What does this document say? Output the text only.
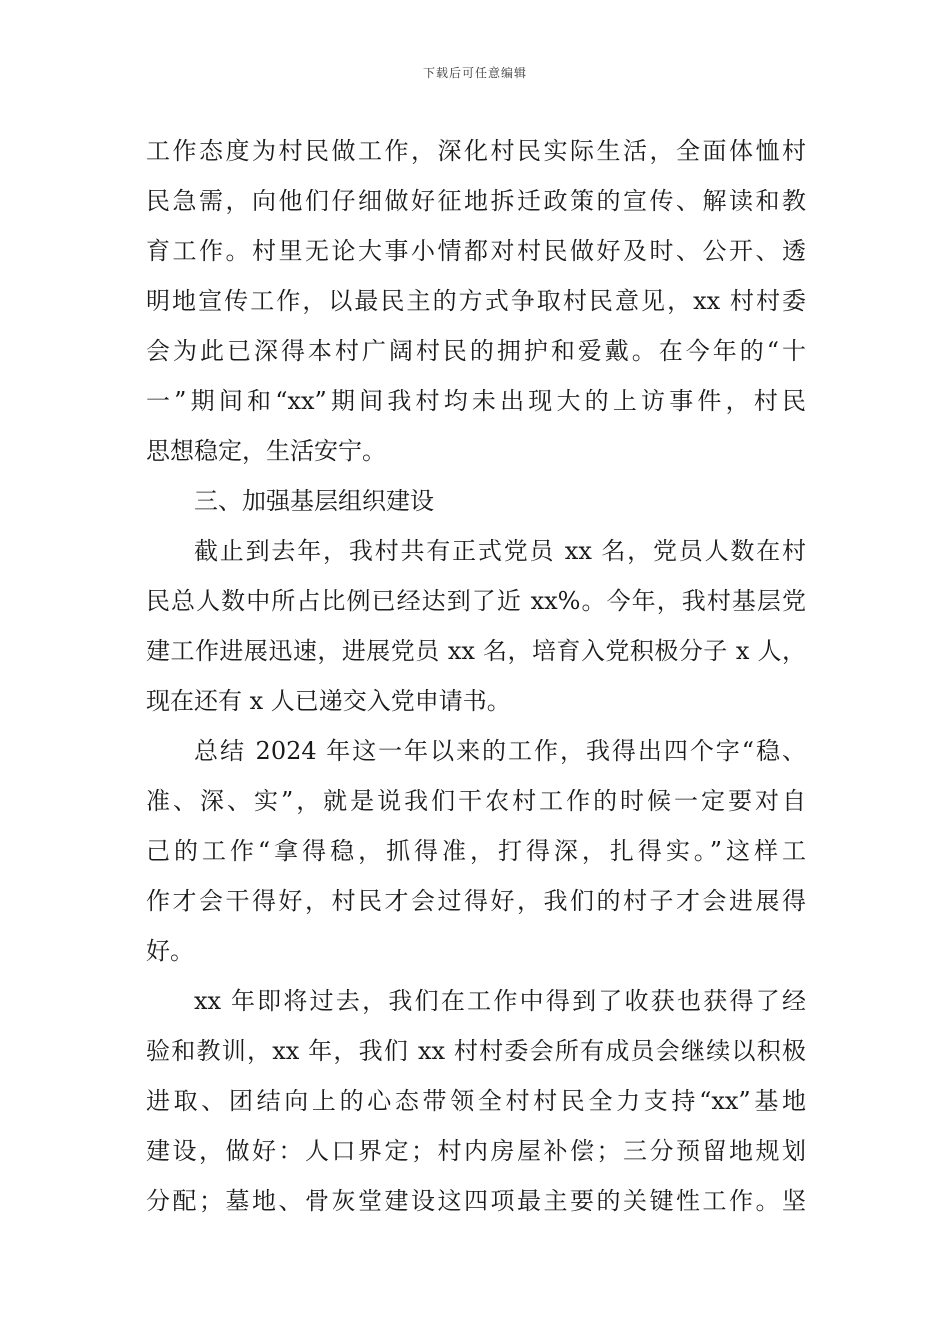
下载后可任意编辑
工作态度为村民做工作，深化村民实际生活，全面体恤村
民急需，向他们仔细做好征地拆迁政策的宣传、解读和教
育工作。村里无论大事小情都对村民做好及时、公开、透
明地宣传工作，以最民主的方式争取村民意见，xx 村村委
会为此已深得本村广阔村民的拥护和爱戴。在今年的“十
一”期间和“xx”期间我村均未出现大的上访事件，村民
思想稳定，生活安宁。
三、加强基层组织建设
截止到去年，我村共有正式党员 xx 名，党员人数在村
民总人数中所占比例已经达到了近 xx%。今年，我村基层党
建工作进展迅速，进展党员 xx 名，培育入党积极分子 x 人，
现在还有 x 人已递交入党申请书。
总结 2024 年这一年以来的工作，我得出四个字“稳、
准、深、实”，就是说我们干农村工作的时候一定要对自
己的工作“拿得稳，抓得准，打得深，扎得实。”这样工
作才会干得好，村民才会过得好，我们的村子才会进展得
好。
xx 年即将过去，我们在工作中得到了收获也获得了经
验和教训，xx 年，我们 xx 村村委会所有成员会继续以积极
进取、团结向上的心态带领全村村民全力支持“xx”基地
建设，做好：人口界定；村内房屋补偿；三分预留地规划
分配；墓地、骨灰堂建设这四项最主要的关键性工作。坚
